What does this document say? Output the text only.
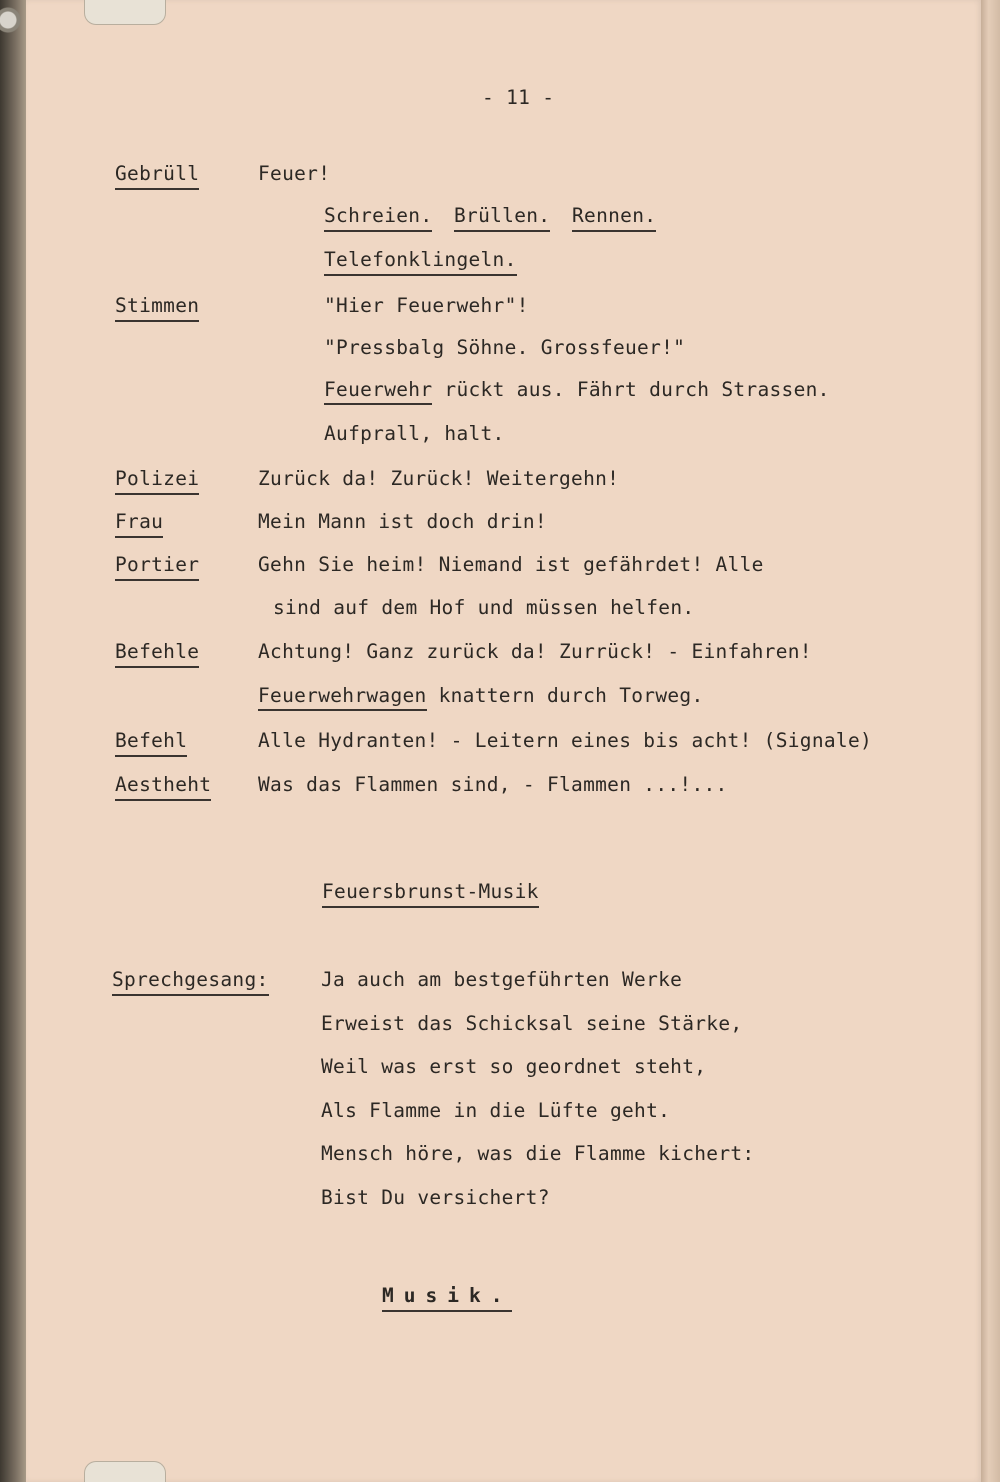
- 11 -
Gebrüll	Feuer!
Schreien. Brüllen. Rennen.
Telefonklingeln.
Stimmen	"Hier Feuerwehr"!
"Pressbalg Söhne. Grossfeuer!"
Feuerwehr rückt aus. Fährt durch Strassen.
Aufprall, halt.
Polizei	Zurück da! Zurück! Weitergehn!
Frau	Mein Mann ist doch drin!
Portier	Gehn Sie heim! Niemand ist gefährdet! Alle
sind auf dem Hof und müssen helfen.
Befehle	Achtung! Ganz zurück da! Zurrück! - Einfahren!
Feuerwehrwagen knattern durch Torweg.
Befehl	Alle Hydranten! - Leitern eines bis acht! (Signale)
Aestheht Was das Flammen sind, - Flammen ...!...
Feuersbrunst-Musik
Sprechgesang:	Ja auch am bestgeführten Werke
Erweist das Schicksal seine Stärke,
Weil was erst so geordnet steht,
Als Flamme in die Lüfte geht.
Mensch höre, was die Flamme kichert:
Bist Du versichert?
Musik.
